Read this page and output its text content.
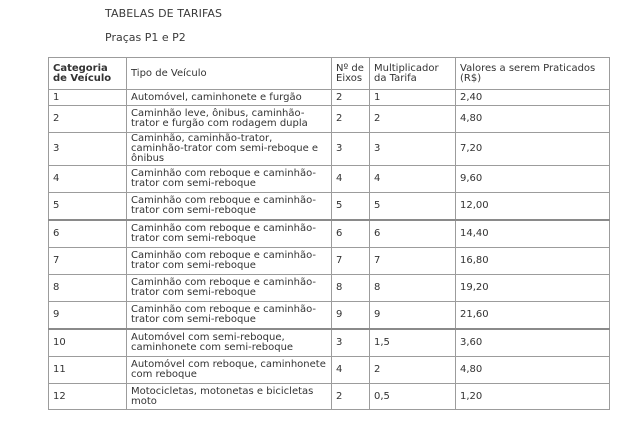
TABELAS DE TARIFAS
Praças P1 e P2
Categoria de Veículo	Tipo de Veículo	Nº de Eixos	Multiplicador da Tarifa	Valores a serem Praticados (R$)
1	Automóvel, caminhonete e furgão	2	1	2,40
2	Caminhão leve, ônibus, caminhão-trator e furgão com rodagem dupla	2	2	4,80
3	Caminhão, caminhão-trator, caminhão-trator com semi-reboque e ônibus	3	3	7,20
4	Caminhão com reboque e caminhão-trator com semi-reboque	4	4	9,60
5	Caminhão com reboque e caminhão-trator com semi-reboque	5	5	12,00
6	Caminhão com reboque e caminhão-trator com semi-reboque	6	6	14,40
7	Caminhão com reboque e caminhão-trator com semi-reboque	7	7	16,80
8	Caminhão com reboque e caminhão-trator com semi-reboque	8	8	19,20
9	Caminhão com reboque e caminhão-trator com semi-reboque	9	9	21,60
10	Automóvel com semi-reboque, caminhonete com semi-reboque	3	1,5	3,60
11	Automóvel com reboque, caminhonete com reboque	4	2	4,80
12	Motocicletas, motonetas e bicicletas moto	2	0,5	1,20
